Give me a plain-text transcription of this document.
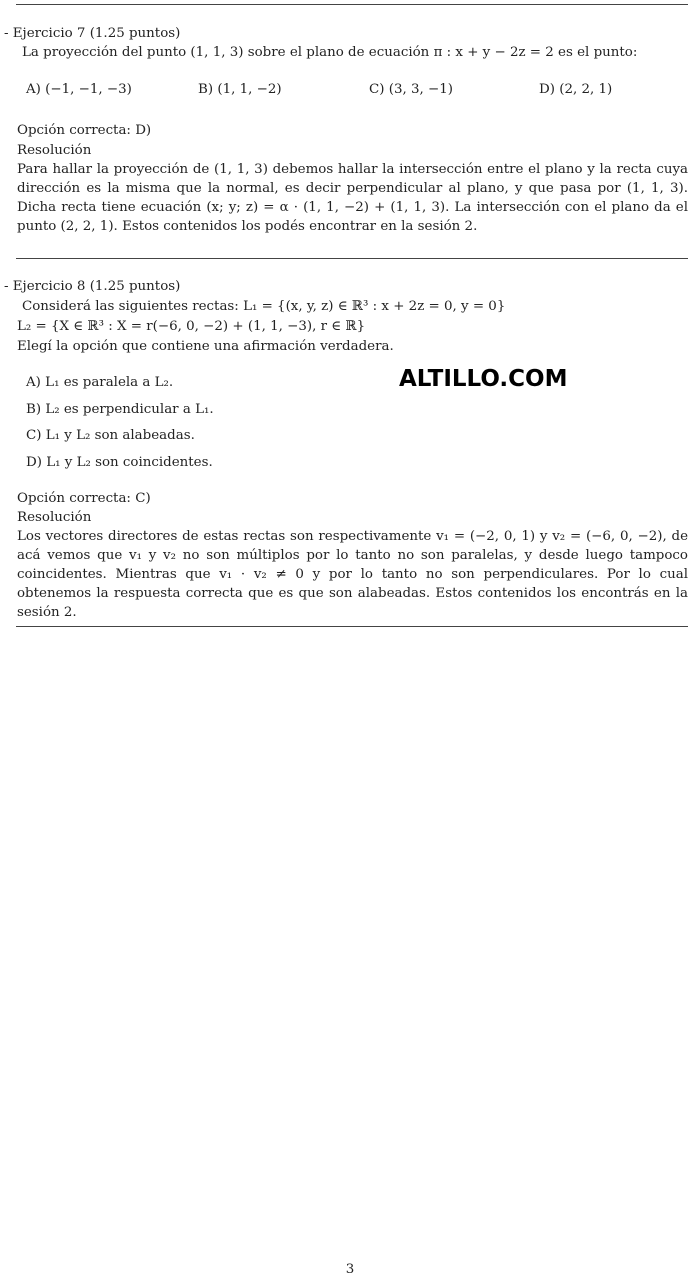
- Ejercicio 7 (1.25 puntos)
La proyección del punto (1, 1, 3) sobre el plano de ecuación π : x + y − 2z = 2 es el punto:
A) (−1, −1, −3)	B) (1, 1, −2)	C) (3, 3, −1)	D) (2, 2, 1)
Opción correcta: D)
Resolución
Para hallar la proyección de (1, 1, 3) debemos hallar la intersección entre el plano y la recta cuya dirección es la misma que la normal, es decir perpendicular al plano, y que pasa por (1, 1, 3). Dicha recta tiene ecuación (x; y; z) = α · (1, 1, −2) + (1, 1, 3). La intersección con el plano da el punto (2, 2, 1). Estos contenidos los podés encontrar en la sesión 2.
- Ejercicio 8 (1.25 puntos)
Considerá las siguientes rectas: L₁ = {(x, y, z) ∈ ℝ³ : x + 2z = 0, y = 0}
L₂ = {X ∈ ℝ³ : X = r(−6, 0, −2) + (1, 1, −3), r ∈ ℝ}
Elegí la opción que contiene una afirmación verdadera.
A) L₁ es paralela a L₂.
B) L₂ es perpendicular a L₁.
C) L₁ y L₂ son alabeadas.
D) L₁ y L₂ son coincidentes.
ALTILLO.COM
Opción correcta: C)
Resolución
Los vectores directores de estas rectas son respectivamente v₁ = (−2, 0, 1) y v₂ = (−6, 0, −2), de acá vemos que v₁ y v₂ no son múltiplos por lo tanto no son paralelas, y desde luego tampoco coincidentes. Mientras que v₁ · v₂ ≠ 0 y por lo tanto no son perpendiculares. Por lo cual obtenemos la respuesta correcta que es que son alabeadas. Estos contenidos los encontrás en la sesión 2.
3
